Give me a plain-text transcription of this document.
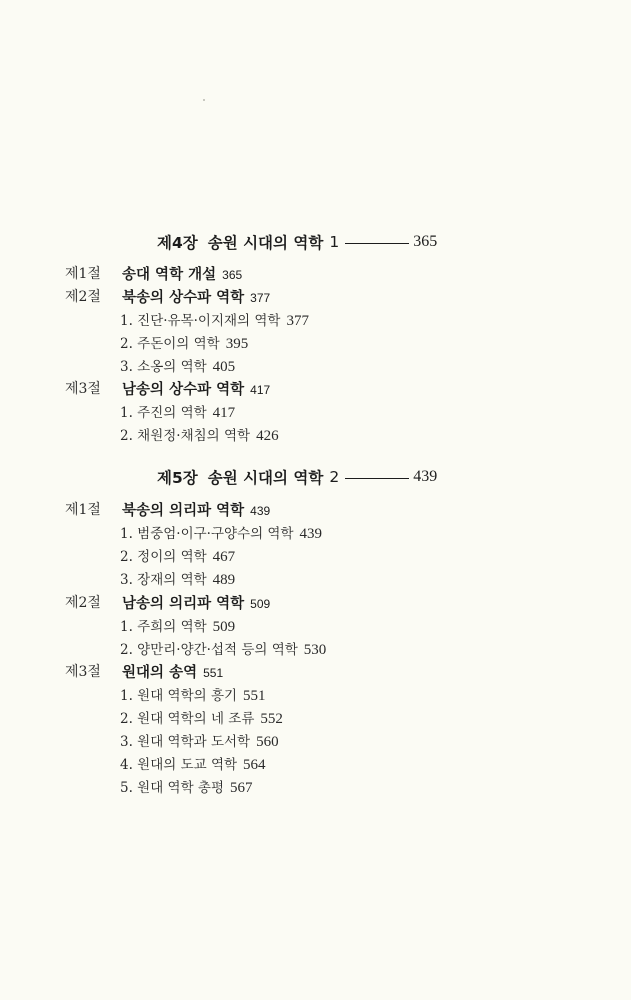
제4장 송원 시대의 역학 1	365
제1절 송대 역학 개설 365
제2절 북송의 상수파 역학 377
1. 진단·유목·이지재의 역학 377
2. 주돈이의 역학 395
3. 소옹의 역학 405
제3절 남송의 상수파 역학 417
1. 주진의 역학 417
2. 채원정·채침의 역학 426
제5장 송원 시대의 역학 2	439
제1절 북송의 의리파 역학 439
1. 범중엄·이구·구양수의 역학 439
2. 정이의 역학 467
3. 장재의 역학 489
제2절 남송의 의리파 역학 509
1. 주희의 역학 509
2. 양만리·양간·섭적 등의 역학 530
제3절 원대의 송역 551
1. 원대 역학의 흥기 551
2. 원대 역학의 네 조류 552
3. 원대 역학과 도서학 560
4. 원대의 도교 역학 564
5. 원대 역학 총평 567
